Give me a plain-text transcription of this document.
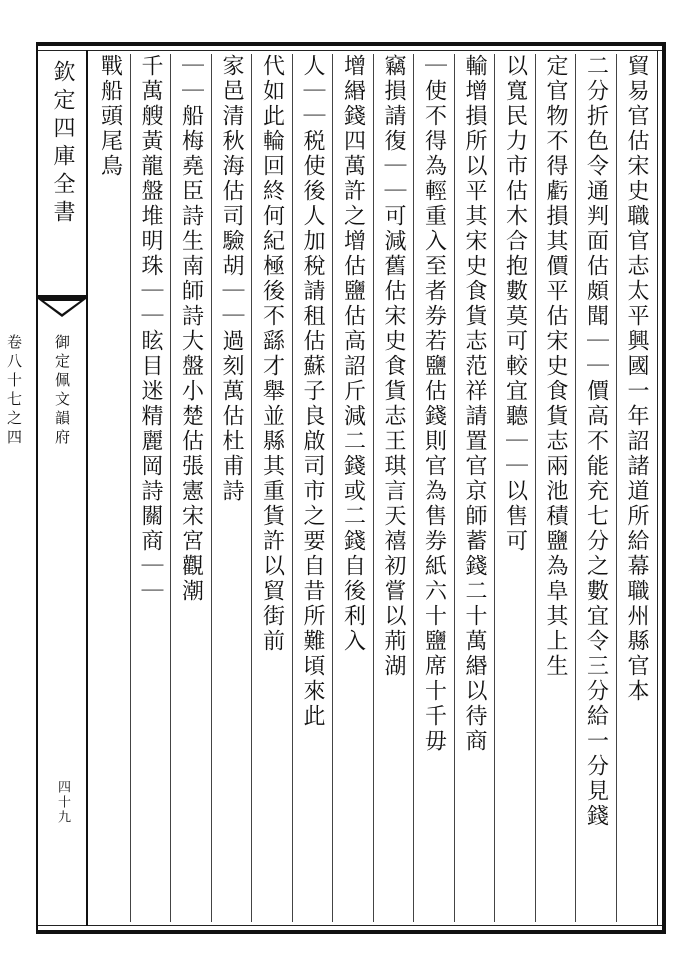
欽定四庫全書
御定佩文韻府
卷八十七之四
四十九
貿易官估宋史職官志太平興國一年詔諸道所給幕職州縣官本
二分折色令通判面估頗聞｜｜價高不能充七分之數宜令三分給一分見錢
定官物不得虧損其價平估宋史食貨志兩池積鹽為阜其上生
以寬民力市估木合抱數莫可較宜聽｜｜以售可
輸增損所以平其宋史食貨志范祥請置官京師蓄錢二十萬緡以待商
｜使不得為輕重入至者券若鹽估錢則官為售券紙六十鹽席十千毋
竊損請復｜｜可減舊估宋史食貨志王琪言天禧初嘗以荊湖
增緡錢四萬許之增估鹽估高詔斤減二錢或二錢自後利入
人｜｜税使後人加稅請租估蘇子良啟司市之要自昔所難頃來此
代如此輪回終何紀極後不繇才舉並縣其重貨許以貿街前
家邑清秋海估司驗胡｜｜過刻萬估杜甫詩
｜｜船梅堯臣詩生南師詩大盤小楚估張憲宋宮觀潮
千萬艘黃龍盤堆明珠｜｜眩目迷精麗岡詩關商｜｜
戰船頭尾鳥
